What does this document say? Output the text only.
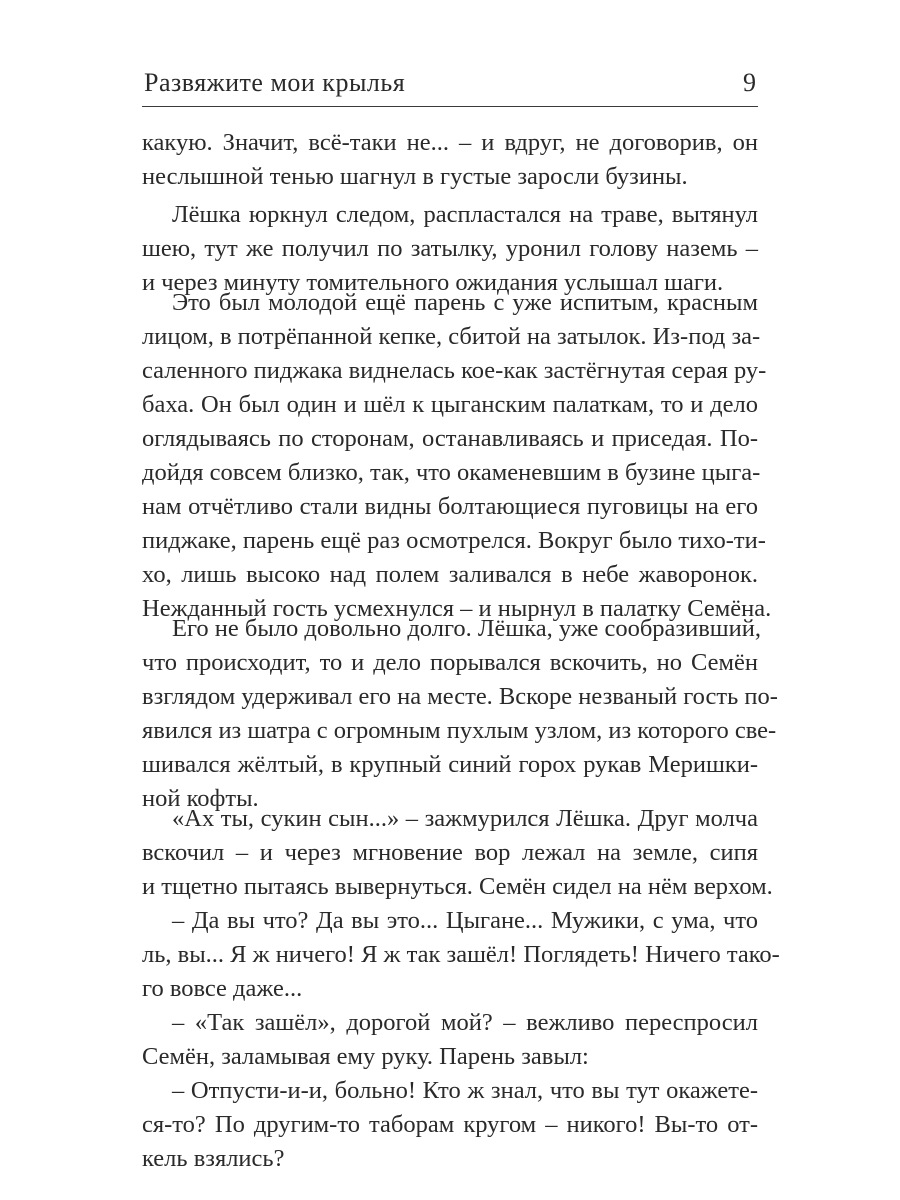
Развяжите мои крылья	9
какую. Значит, всё-таки не... – и вдруг, не договорив, он
неслышной тенью шагнул в густые заросли бузины.
Лёшка юркнул следом, распластался на траве, вытянул
шею, тут же получил по затылку, уронил голову наземь –
и через минуту томительного ожидания услышал шаги.
Это был молодой ещё парень с уже испитым, красным
лицом, в потрёпанной кепке, сбитой на затылок. Из-под за-
саленного пиджака виднелась кое-как застёгнутая серая ру-
баха. Он был один и шёл к цыганским палаткам, то и дело
оглядываясь по сторонам, останавливаясь и приседая. По-
дойдя совсем близко, так, что окаменевшим в бузине цыга-
нам отчётливо стали видны болтающиеся пуговицы на его
пиджаке, парень ещё раз осмотрелся. Вокруг было тихо-ти-
хо, лишь высоко над полем заливался в небе жаворонок.
Нежданный гость усмехнулся – и нырнул в палатку Семёна.
Его не было довольно долго. Лёшка, уже сообразивший,
что происходит, то и дело порывался вскочить, но Семён
взглядом удерживал его на месте. Вскоре незваный гость по-
явился из шатра с огромным пухлым узлом, из которого све-
шивался жёлтый, в крупный синий горох рукав Меришки-
ной кофты.
«Ах ты, сукин сын...» – зажмурился Лёшка. Друг молча
вскочил – и через мгновение вор лежал на земле, сипя
и тщетно пытаясь вывернуться. Семён сидел на нём верхом.
– Да вы что? Да вы это... Цыгане... Мужики, с ума, что
ль, вы... Я ж ничего! Я ж так зашёл! Поглядеть! Ничего тако-
го вовсе даже...
– «Так зашёл», дорогой мой? – вежливо переспросил
Семён, заламывая ему руку. Парень завыл:
– Отпусти-и-и, больно! Кто ж знал, что вы тут окажете-
ся-то? По другим-то таборам кругом – никого! Вы-то от-
кель взялись?
